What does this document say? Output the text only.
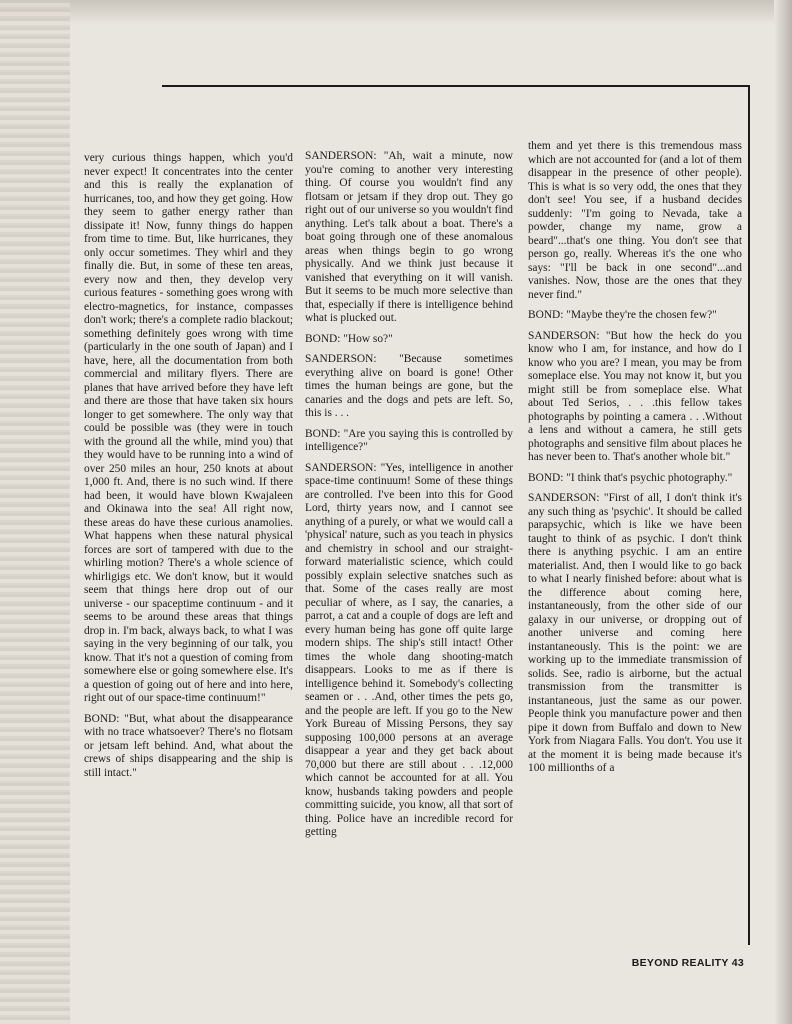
very curious things happen, which you'd never expect! It concentrates into the center and this is really the explanation of hurricanes, too, and how they get going. How they seem to gather energy rather than dissipate it! Now, funny things do happen from time to time. But, like hurricanes, they only occur sometimes. They whirl and they finally die. But, in some of these ten areas, every now and then, they develop very curious features - something goes wrong with electro-magnetics, for instance, compasses don't work; there's a complete radio blackout; something definitely goes wrong with time (particularly in the one south of Japan) and I have, here, all the documentation from both commercial and military flyers. There are planes that have arrived before they have left and there are those that have taken six hours longer to get somewhere. The only way that could be possible was (they were in touch with the ground all the while, mind you) that they would have to be running into a wind of over 250 miles an hour, 250 knots at about 1,000 ft. And, there is no such wind. If there had been, it would have blown Kwajaleen and Okinawa into the sea! All right now, these areas do have these curious anamolies. What happens when these natural physical forces are sort of tampered with due to the whirling motion? There's a whole science of whirligigs etc. We don't know, but it would seem that things here drop out of our universe - our spaceptime continuum - and it seems to be around these areas that things drop in. I'm back, always back, to what I was saying in the very beginning of our talk, you know. That it's not a question of coming from somewhere else or going somewhere else. It's a question of going out of here and into here, right out of our space-time continuum!"

BOND: "But, what about the disappearance with no trace whatsoever? There's no flotsam or jetsam left behind. And, what about the crews of ships disappearing and the ship is still intact."

SANDERSON: "Ah, wait a minute, now you're coming to another very interesting thing. Of course you wouldn't find any flotsam or jetsam if they drop out. They go right out of our universe so you wouldn't find anything. Let's talk about a boat. There's a boat going through one of these anomalous areas when things begin to go wrong physically. And we think just because it vanished that everything on it will vanish. But it seems to be much more selective than that, especially if there is intelligence behind what is plucked out.

BOND: "How so?"

SANDERSON: "Because sometimes everything alive on board is gone! Other times the human beings are gone, but the canaries and the dogs and pets are left. So, this is . . .

BOND: "Are you saying this is controlled by intelligence?"

SANDERSON: "Yes, intelligence in another space-time continuum! Some of these things are controlled. I've been into this for Good Lord, thirty years now, and I cannot see anything of a purely, or what we would call a 'physical' nature, such as you teach in physics and chemistry in school and our straight-forward materialistic science, which could possibly explain selective snatches such as that. Some of the cases really are most peculiar of where, as I say, the canaries, a parrot, a cat and a couple of dogs are left and every human being has gone off quite large modern ships. The ship's still intact! Other times the whole dang shooting-match disappears. Looks to me as if there is intelligence behind it. Somebody's collecting seamen or . . .And, other times the pets go, and the people are left. If you go to the New York Bureau of Missing Persons, they say supposing 100,000 persons at an average disappear a year and they get back about 70,000 but there are still about . . .12,000 which cannot be accounted for at all. You know, husbands taking powders and people committing suicide, you know, all that sort of thing. Police have an incredible record for getting

them and yet there is this tremendous mass which are not accounted for (and a lot of them disappear in the presence of other people). This is what is so very odd, the ones that they don't see! You see, if a husband decides suddenly: "I'm going to Nevada, take a powder, change my name, grow a beard"...that's one thing. You don't see that person go, really. Whereas it's the one who says: "I'll be back in one second"...and vanishes. Now, those are the ones that they never find."

BOND: "Maybe they're the chosen few?"

SANDERSON: "But how the heck do you know who I am, for instance, and how do I know who you are? I mean, you may be from someplace else. You may not know it, but you might still be from someplace else. What about Ted Serios, . . .this fellow takes photographs by pointing a camera . . .Without a lens and without a camera, he still gets photographs and sensitive film about places he has never been to. That's another whole bit."

BOND: "I think that's psychic photography."

SANDERSON: "First of all, I don't think it's any such thing as 'psychic'. It should be called parapsychic, which is like we have been taught to think of as psychic. I don't think there is anything psychic. I am an entire materialist. And, then I would like to go back to what I nearly finished before: about what is the difference about coming here, instantaneously, from the other side of our galaxy in our universe, or dropping out of another universe and coming here instantaneously. This is the point: we are working up to the immediate transmission of solids. See, radio is airborne, but the actual transmission from the transmitter is instantaneous, just the same as our power. People think you manufacture power and then pipe it down from Buffalo and down to New York from Niagara Falls. You don't. You use it at the moment it is being made because it's 100 millionths of a

BEYOND REALITY 43
